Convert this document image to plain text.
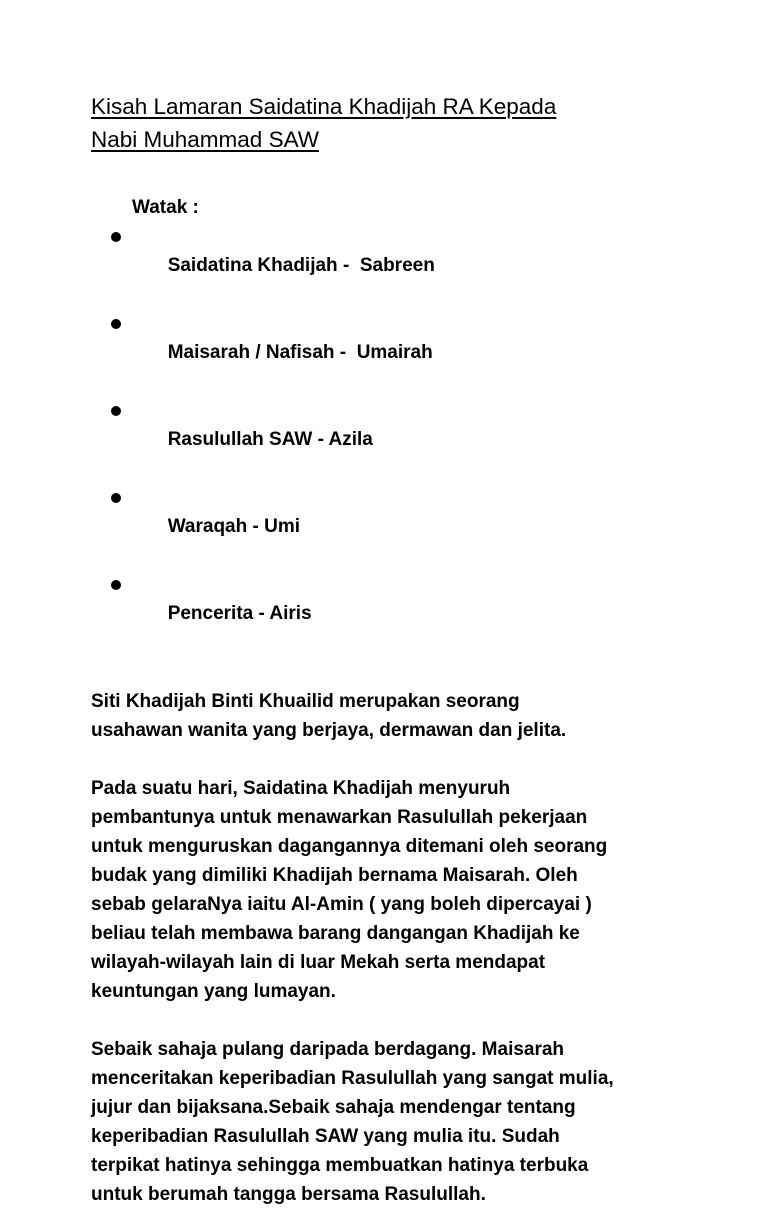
Kisah Lamaran Saidatina Khadijah RA Kepada
Nabi Muhammad SAW

Watak :

Saidatina Khadijah -  Sabreen

Maisarah / Nafisah -  Umairah

Rasulullah SAW - Azila

Waraqah - Umi

Pencerita - Airis

Siti Khadijah Binti Khuailid merupakan seorang
usahawan wanita yang berjaya, dermawan dan jelita.

Pada suatu hari, Saidatina Khadijah menyuruh
pembantunya untuk menawarkan Rasulullah pekerjaan
untuk menguruskan dagangannya ditemani oleh seorang
budak yang dimiliki Khadijah bernama Maisarah. Oleh
sebab gelaraNya iaitu Al-Amin ( yang boleh dipercayai )
beliau telah membawa barang dangangan Khadijah ke
wilayah-wilayah lain di luar Mekah serta mendapat
keuntungan yang lumayan.

Sebaik sahaja pulang daripada berdagang. Maisarah
menceritakan keperibadian Rasulullah yang sangat mulia,
jujur dan bijaksana.Sebaik sahaja mendengar tentang
keperibadian Rasulullah SAW yang mulia itu. Sudah
terpikat hatinya sehingga membuatkan hatinya terbuka
untuk berumah tangga bersama Rasulullah.
